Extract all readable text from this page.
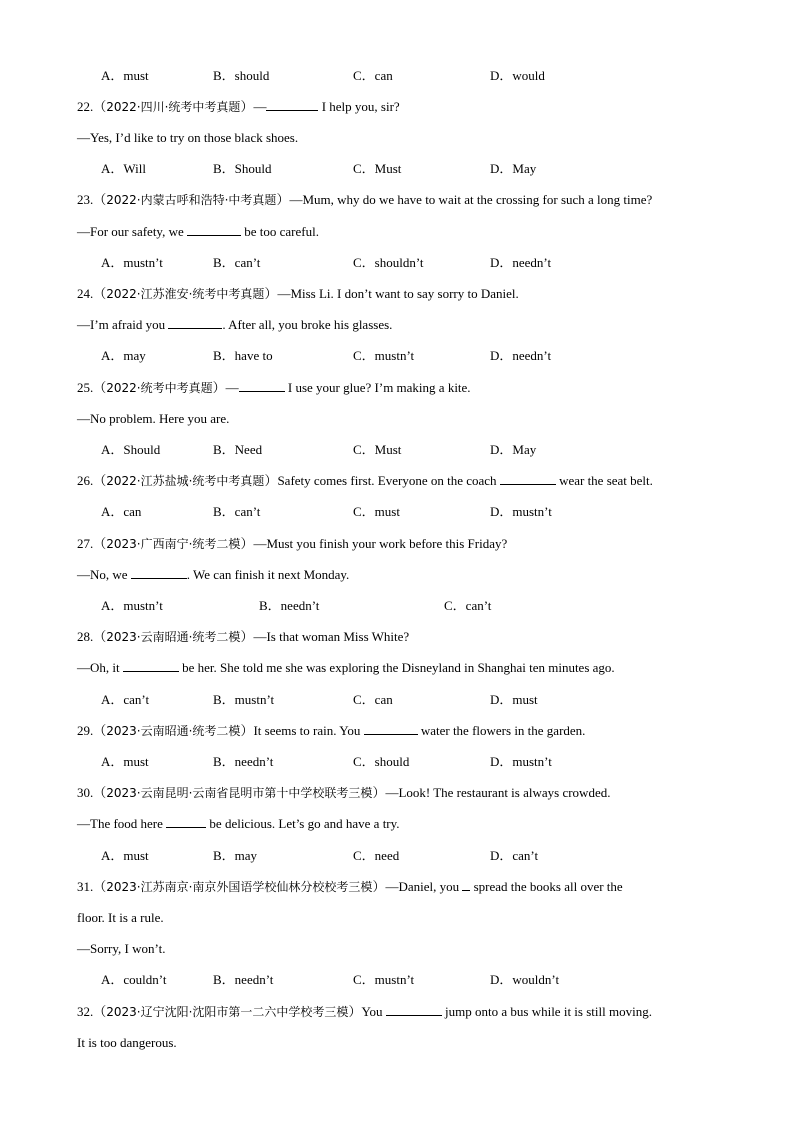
A．must	B．should	C．can	D．would
22.（2022·四川·统考中考真题）—	I help you, sir?
—Yes, I’d like to try on those black shoes.
A．Will	B．Should	C．Must	D．May
23.（2022·内蒙古呼和浩特·中考真题）—Mum, why do we have to wait at the crossing for such a long time?
—For our safety, we	be too careful.
A．mustn’t	B．can’t	C．shouldn’t	D．needn’t
24.（2022·江苏淮安·统考中考真题）—Miss Li. I don’t want to say sorry to Daniel.
—I’m afraid you	. After all, you broke his glasses.
A．may	B．have to	C．mustn’t	D．needn’t
25.（2022·统考中考真题）—	I use your glue? I’m making a kite.
—No problem. Here you are.
A．Should	B．Need	C．Must	D．May
26.（2022·江苏盐城·统考中考真题）Safety comes first. Everyone on the coach	wear the seat belt.
A．can	B．can’t	C．must	D．mustn’t
27.（2023·广西南宁·统考二模）—Must you finish your work before this Friday?
—No, we	. We can finish it next Monday.
A．mustn’t	B．needn’t	C．can’t
28.（2023·云南昭通·统考二模）—Is that woman Miss White?
—Oh, it	be her. She told me she was exploring the Disneyland in Shanghai ten minutes ago.
A．can’t	B．mustn’t	C．can	D．must
29.（2023·云南昭通·统考二模）It seems to rain. You	water the flowers in the garden.
A．must	B．needn’t	C．should	D．mustn’t
30.（2023·云南昆明·云南省昆明市第十中学校联考三模）—Look! The restaurant is always crowded.
—The food here	be delicious. Let’s go and have a try.
A．must	B．may	C．need	D．can’t
31.（2023·江苏南京·南京外国语学校仙林分校校考三模）—Daniel, you  spread the books all over the
floor. It is a rule.
—Sorry, I won’t.
A．couldn’t	B．needn’t	C．mustn’t	D．wouldn’t
32.（2023·辽宁沈阳·沈阳市第一二六中学校考三模）You	jump onto a bus while it is still moving.
It is too dangerous.
